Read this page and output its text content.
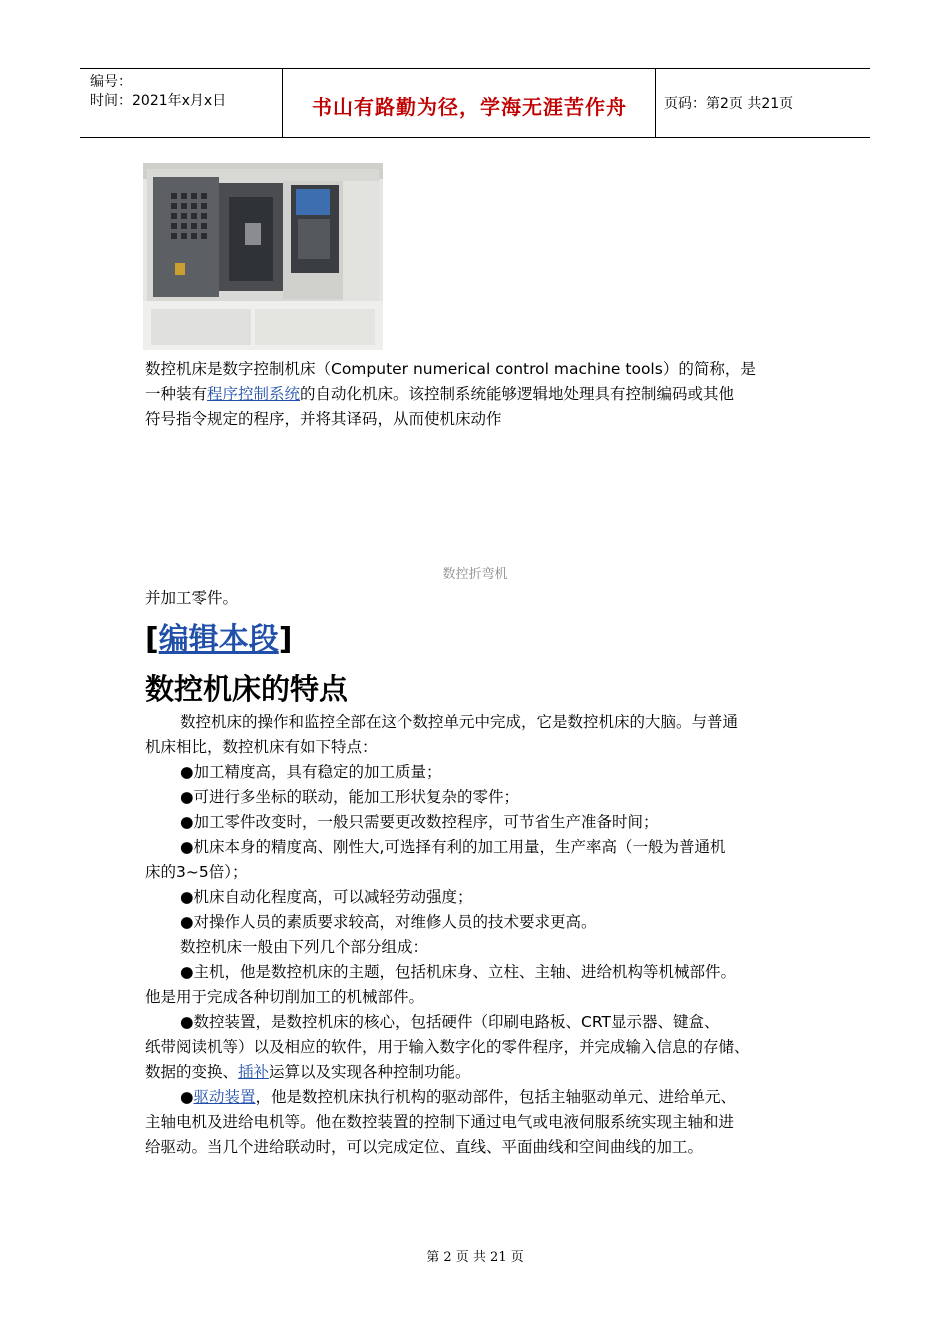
编号：
时间：2021年x月x日	书山有路勤为径，学海无涯苦作舟	页码：第2页 共21页
数控机床是数字控制机床（Computer numerical control machine tools）的简称，是
一种装有程序控制系统的自动化机床。该控制系统能够逻辑地处理具有控制编码或其他
符号指令规定的程序，并将其译码，从而使机床动作
数控折弯机
并加工零件。
[编辑本段]
数控机床的特点
数控机床的操作和监控全部在这个数控单元中完成，它是数控机床的大脑。与普通
机床相比，数控机床有如下特点：
●加工精度高，具有稳定的加工质量；
●可进行多坐标的联动，能加工形状复杂的零件；
●加工零件改变时，一般只需要更改数控程序，可节省生产准备时间；
●机床本身的精度高、刚性大,可选择有利的加工用量，生产率高（一般为普通机
床的3~5倍）；
●机床自动化程度高，可以减轻劳动强度；
●对操作人员的素质要求较高，对维修人员的技术要求更高。
数控机床一般由下列几个部分组成：
●主机，他是数控机床的主题，包括机床身、立柱、主轴、进给机构等机械部件。
他是用于完成各种切削加工的机械部件。
●数控装置，是数控机床的核心，包括硬件（印刷电路板、CRT显示器、键盒、
纸带阅读机等）以及相应的软件，用于输入数字化的零件程序，并完成输入信息的存储、
数据的变换、插补运算以及实现各种控制功能。
●驱动装置，他是数控机床执行机构的驱动部件，包括主轴驱动单元、进给单元、
主轴电机及进给电机等。他在数控装置的控制下通过电气或电液伺服系统实现主轴和进
给驱动。当几个进给联动时，可以完成定位、直线、平面曲线和空间曲线的加工。
第 2 页 共 21 页
